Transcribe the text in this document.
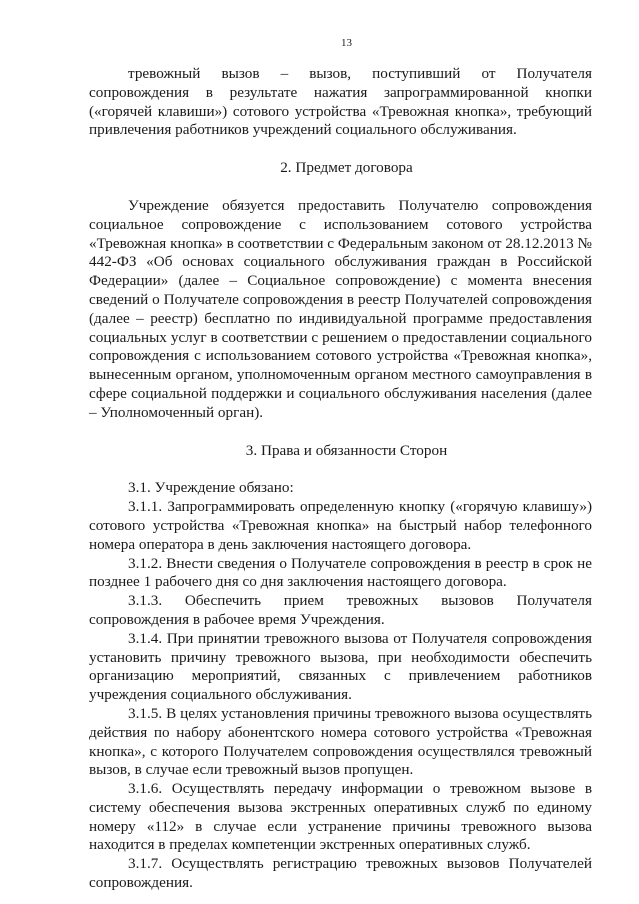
13

тревожный вызов – вызов, поступивший от Получателя сопровождения в результате нажатия запрограммированной кнопки («горячей клавиши») сотового устройства «Тревожная кнопка», требующий привлечения работников учреждений социального обслуживания.

2. Предмет договора

Учреждение обязуется предоставить Получателю сопровождения социальное сопровождение с использованием сотового устройства «Тревожная кнопка» в соответствии с Федеральным законом от 28.12.2013 № 442-ФЗ «Об основах социального обслуживания граждан в Российской Федерации» (далее – Социальное сопровождение) с момента внесения сведений о Получателе сопровождения в реестр Получателей сопровождения (далее – реестр) бесплатно по индивидуальной программе предоставления социальных услуг в соответствии с решением о предоставлении социального сопровождения с использованием сотового устройства «Тревожная кнопка», вынесенным органом, уполномоченным органом местного самоуправления в сфере социальной поддержки и социального обслуживания населения (далее – Уполномоченный орган).

3. Права и обязанности Сторон

3.1. Учреждение обязано:

3.1.1. Запрограммировать определенную кнопку («горячую клавишу») сотового устройства «Тревожная кнопка» на быстрый набор телефонного номера оператора в день заключения настоящего договора.

3.1.2. Внести сведения о Получателе сопровождения в реестр в срок не позднее 1 рабочего дня со дня заключения настоящего договора.

3.1.3. Обеспечить прием тревожных вызовов Получателя сопровождения в рабочее время Учреждения.

3.1.4. При принятии тревожного вызова от Получателя сопровождения установить причину тревожного вызова, при необходимости обеспечить организацию мероприятий, связанных с привлечением работников учреждения социального обслуживания.

3.1.5. В целях установления причины тревожного вызова осуществлять действия по набору абонентского номера сотового устройства «Тревожная кнопка», с которого Получателем сопровождения осуществлялся тревожный вызов, в случае если тревожный вызов пропущен.

3.1.6. Осуществлять передачу информации о тревожном вызове в систему обеспечения вызова экстренных оперативных служб по единому номеру «112» в случае если устранение причины тревожного вызова находится в пределах компетенции экстренных оперативных служб.

3.1.7. Осуществлять регистрацию тревожных вызовов Получателей сопровождения.
